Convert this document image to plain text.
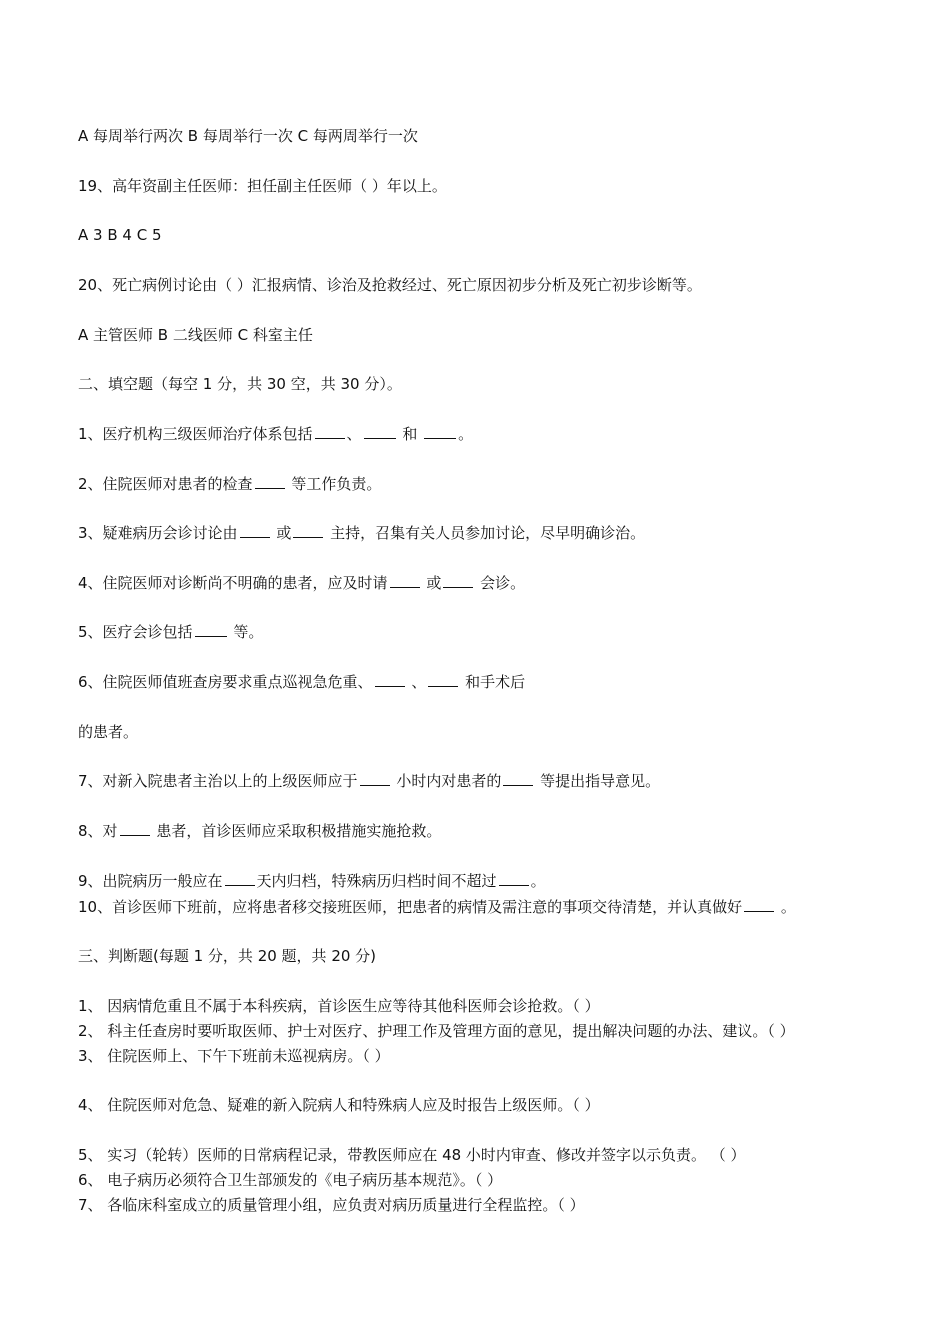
A 每周举行两次 B 每周举行一次 C 每两周举行一次
19、高年资副主任医师：担任副主任医师（ ）年以上。
A 3 B 4 C 5
20、死亡病例讨论由（ ）汇报病情、诊治及抢救经过、死亡原因初步分析及死亡初步诊断等。
A 主管医师 B 二线医师 C 科室主任
二、填空题（每空 1 分，共 30 空，共 30 分）。
1、医疗机构三级医师治疗体系包括 、 和 。
2、住院医师对患者的检查 等工作负责。
3、疑难病历会诊讨论由 或 主持，召集有关人员参加讨论，尽早明确诊治。
4、住院医师对诊断尚不明确的患者，应及时请 或 会诊。
5、医疗会诊包括 等。
6、住院医师值班查房要求重点巡视急危重、 、 和手术后
的患者。
7、对新入院患者主治以上的上级医师应于 小时内对患者的 等提出指导意见。
8、对 患者，首诊医师应采取积极措施实施抢救。
9、出院病历一般应在 天内归档，特殊病历归档时间不超过 。
10、首诊医师下班前，应将患者移交接班医师，把患者的病情及需注意的事项交待清楚，并认真做好 。
三、判断题(每题 1 分，共 20 题，共 20 分)
1、 因病情危重且不属于本科疾病，首诊医生应等待其他科医师会诊抢救。（ ）
2、 科主任查房时要听取医师、护士对医疗、护理工作及管理方面的意见，提出解决问题的办法、建议。（ ）
3、 住院医师上、下午下班前未巡视病房。（ ）
4、 住院医师对危急、疑难的新入院病人和特殊病人应及时报告上级医师。（ ）
5、 实习（轮转）医师的日常病程记录，带教医师应在 48 小时内审查、修改并签字以示负责。 （ ）
6、 电子病历必须符合卫生部颁发的《电子病历基本规范》。（ ）
7、 各临床科室成立的质量管理小组，应负责对病历质量进行全程监控。（ ）
